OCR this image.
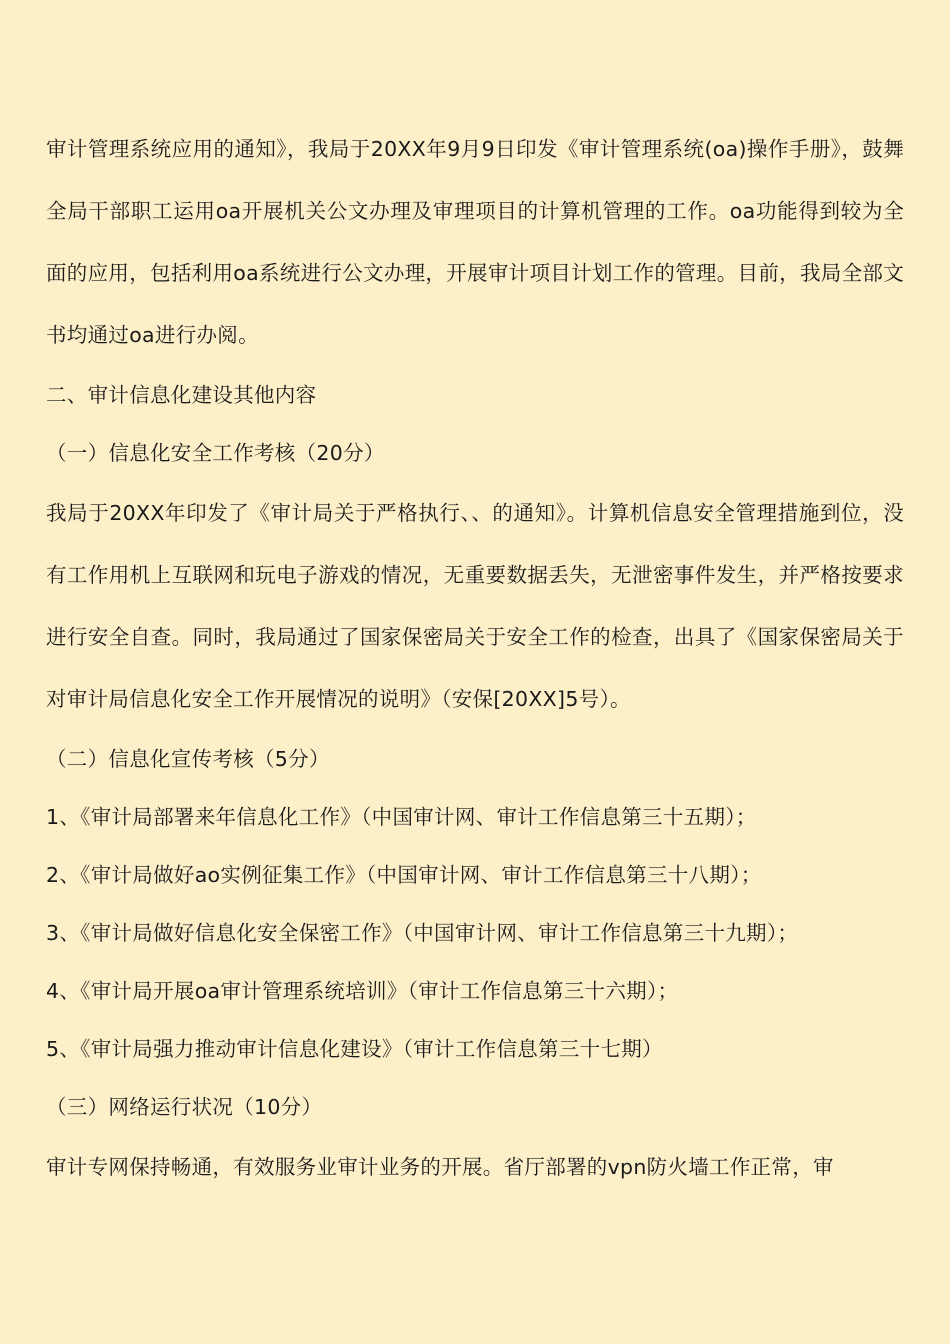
审计管理系统应用的通知》，我局于20XX年9月9日印发《审计管理系统(oa)操作手册》，鼓舞全局干部职工运用oa开展机关公文办理及审理项目的计算机管理的工作。oa功能得到较为全面的应用，包括利用oa系统进行公文办理，开展审计项目计划工作的管理。目前，我局全部文书均通过oa进行办阅。

二、审计信息化建设其他内容

（一）信息化安全工作考核（20分）

我局于20XX年印发了《审计局关于严格执行、、的通知》。计算机信息安全管理措施到位，没有工作用机上互联网和玩电子游戏的情况，无重要数据丢失，无泄密事件发生，并严格按要求进行安全自查。同时，我局通过了国家保密局关于安全工作的检查，出具了《国家保密局关于对审计局信息化安全工作开展情况的说明》（安保[20XX]5号）。

（二）信息化宣传考核（5分）

1、《审计局部署来年信息化工作》（中国审计网、审计工作信息第三十五期）；

2、《审计局做好ao实例征集工作》（中国审计网、审计工作信息第三十八期）；

3、《审计局做好信息化安全保密工作》（中国审计网、审计工作信息第三十九期）；

4、《审计局开展oa审计管理系统培训》（审计工作信息第三十六期）；

5、《审计局强力推动审计信息化建设》（审计工作信息第三十七期）

（三）网络运行状况（10分）

审计专网保持畅通，有效服务业审计业务的开展。省厅部署的vpn防火墙工作正常，审
